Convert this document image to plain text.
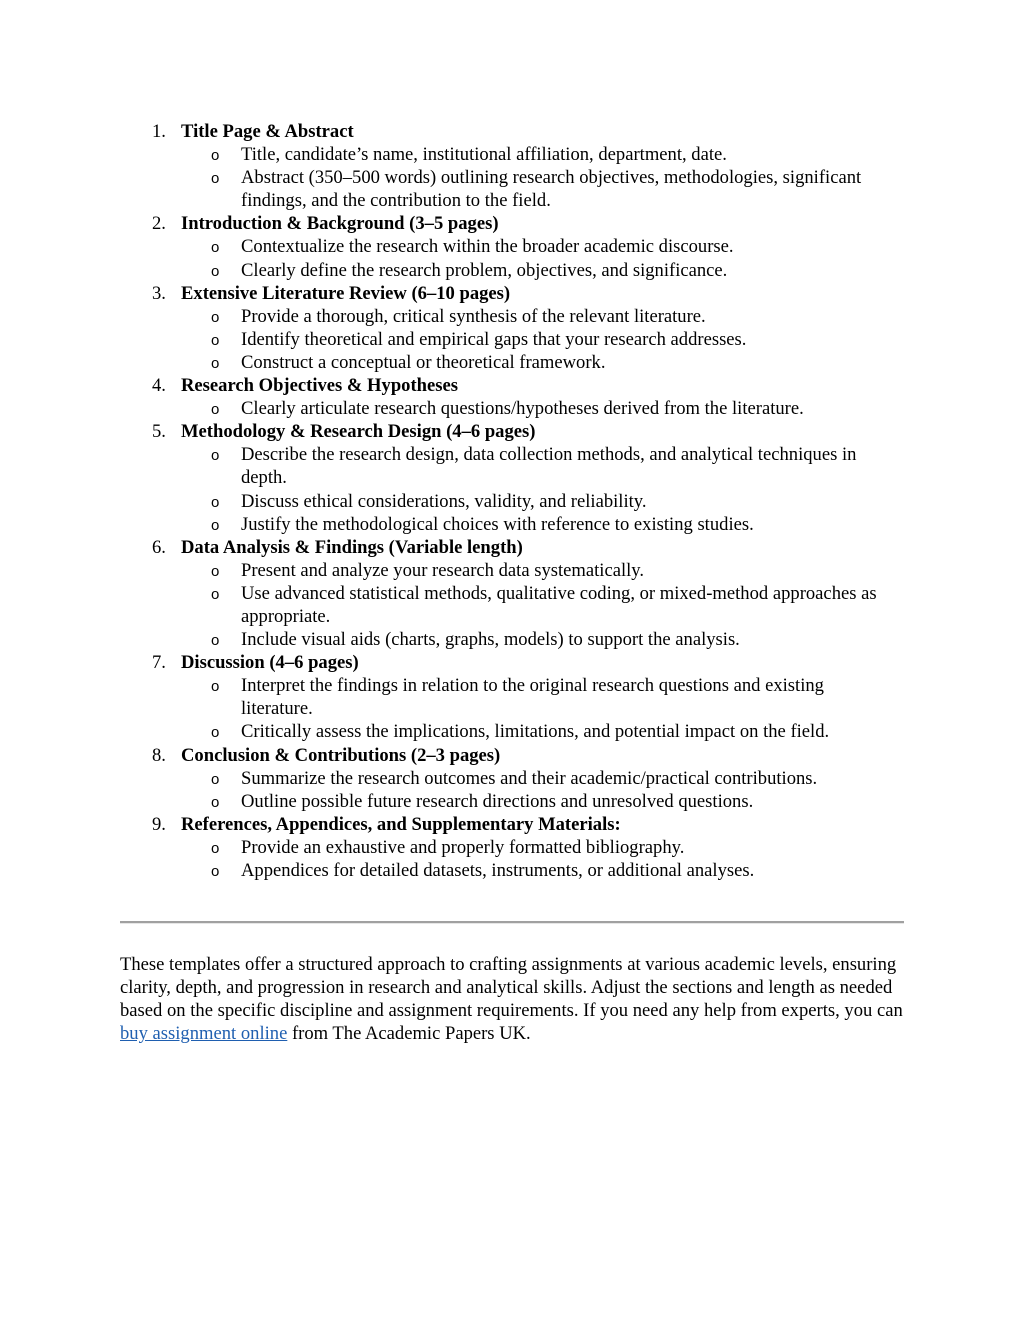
1. Title Page & Abstract
o Title, candidate’s name, institutional affiliation, department, date.
o Abstract (350–500 words) outlining research objectives, methodologies, significant findings, and the contribution to the field.
2. Introduction & Background (3–5 pages)
o Contextualize the research within the broader academic discourse.
o Clearly define the research problem, objectives, and significance.
3. Extensive Literature Review (6–10 pages)
o Provide a thorough, critical synthesis of the relevant literature.
o Identify theoretical and empirical gaps that your research addresses.
o Construct a conceptual or theoretical framework.
4. Research Objectives & Hypotheses
o Clearly articulate research questions/hypotheses derived from the literature.
5. Methodology & Research Design (4–6 pages)
o Describe the research design, data collection methods, and analytical techniques in depth.
o Discuss ethical considerations, validity, and reliability.
o Justify the methodological choices with reference to existing studies.
6. Data Analysis & Findings (Variable length)
o Present and analyze your research data systematically.
o Use advanced statistical methods, qualitative coding, or mixed-method approaches as appropriate.
o Include visual aids (charts, graphs, models) to support the analysis.
7. Discussion (4–6 pages)
o Interpret the findings in relation to the original research questions and existing literature.
o Critically assess the implications, limitations, and potential impact on the field.
8. Conclusion & Contributions (2–3 pages)
o Summarize the research outcomes and their academic/practical contributions.
o Outline possible future research directions and unresolved questions.
9. References, Appendices, and Supplementary Materials:
o Provide an exhaustive and properly formatted bibliography.
o Appendices for detailed datasets, instruments, or additional analyses.

These templates offer a structured approach to crafting assignments at various academic levels, ensuring clarity, depth, and progression in research and analytical skills. Adjust the sections and length as needed based on the specific discipline and assignment requirements. If you need any help from experts, you can buy assignment online from The Academic Papers UK.
